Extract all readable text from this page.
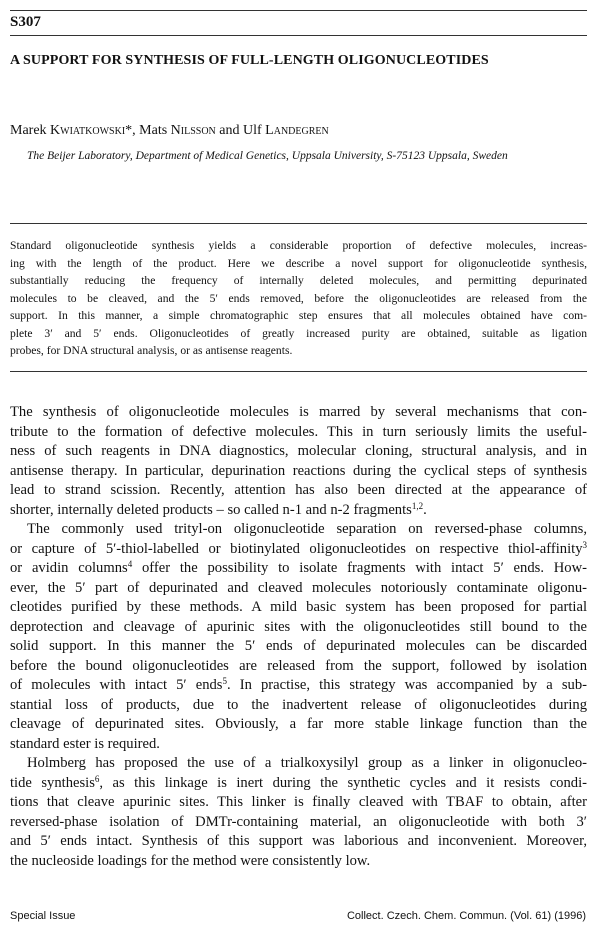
S307
A SUPPORT FOR SYNTHESIS OF FULL-LENGTH OLIGONUCLEOTIDES
Marek Kwiatkowski*, Mats Nilsson and Ulf Landegren
The Beijer Laboratory, Department of Medical Genetics, Uppsala University, S-75123 Uppsala, Sweden
Standard oligonucleotide synthesis yields a considerable proportion of defective molecules, increas-
ing with the length of the product. Here we describe a novel support for oligonucleotide synthesis,
substantially reducing the frequency of internally deleted molecules, and permitting depurinated
molecules to be cleaved, and the 5′ ends removed, before the oligonucleotides are released from the
support. In this manner, a simple chromatographic step ensures that all molecules obtained have com-
plete 3′ and 5′ ends. Oligonucleotides of greatly increased purity are obtained, suitable as ligation
probes, for DNA structural analysis, or as antisense reagents.
The synthesis of oligonucleotide molecules is marred by several mechanisms that con-
tribute to the formation of defective molecules. This in turn seriously limits the useful-
ness of such reagents in DNA diagnostics, molecular cloning, structural analysis, and in
antisense therapy. In particular, depurination reactions during the cyclical steps of synthesis
lead to strand scission. Recently, attention has also been directed at the appearance of
shorter, internally deleted products – so called n-1 and n-2 fragments$^{1,2}$.
The commonly used trityl-on oligonucleotide separation on reversed-phase columns,
or capture of 5′-thiol-labelled or biotinylated oligonucleotides on respective thiol-affinity$^3$
or avidin columns$^4$ offer the possibility to isolate fragments with intact 5′ ends. How-
ever, the 5′ part of depurinated and cleaved molecules notoriously contaminate oligonu-
cleotides purified by these methods. A mild basic system has been proposed for partial
deprotection and cleavage of apurinic sites with the oligonucleotides still bound to the
solid support. In this manner the 5′ ends of depurinated molecules can be discarded
before the bound oligonucleotides are released from the support, followed by isolation
of molecules with intact 5′ ends$^5$. In practise, this strategy was accompanied by a sub-
stantial loss of products, due to the inadvertent release of oligonucleotides during
cleavage of depurinated sites. Obviously, a far more stable linkage function than the
standard ester is required.
Holmberg has proposed the use of a trialkoxysilyl group as a linker in oligonucleo-
tide synthesis$^6$, as this linkage is inert during the synthetic cycles and it resists condi-
tions that cleave apurinic sites. This linker is finally cleaved with TBAF to obtain, after
reversed-phase isolation of DMTr-containing material, an oligonucleotide with both 3′
and 5′ ends intact. Synthesis of this support was laborious and inconvenient. Moreover,
the nucleoside loadings for the method were consistently low.
Special Issue	Collect. Czech. Chem. Commun. (Vol. 61) (1996)
